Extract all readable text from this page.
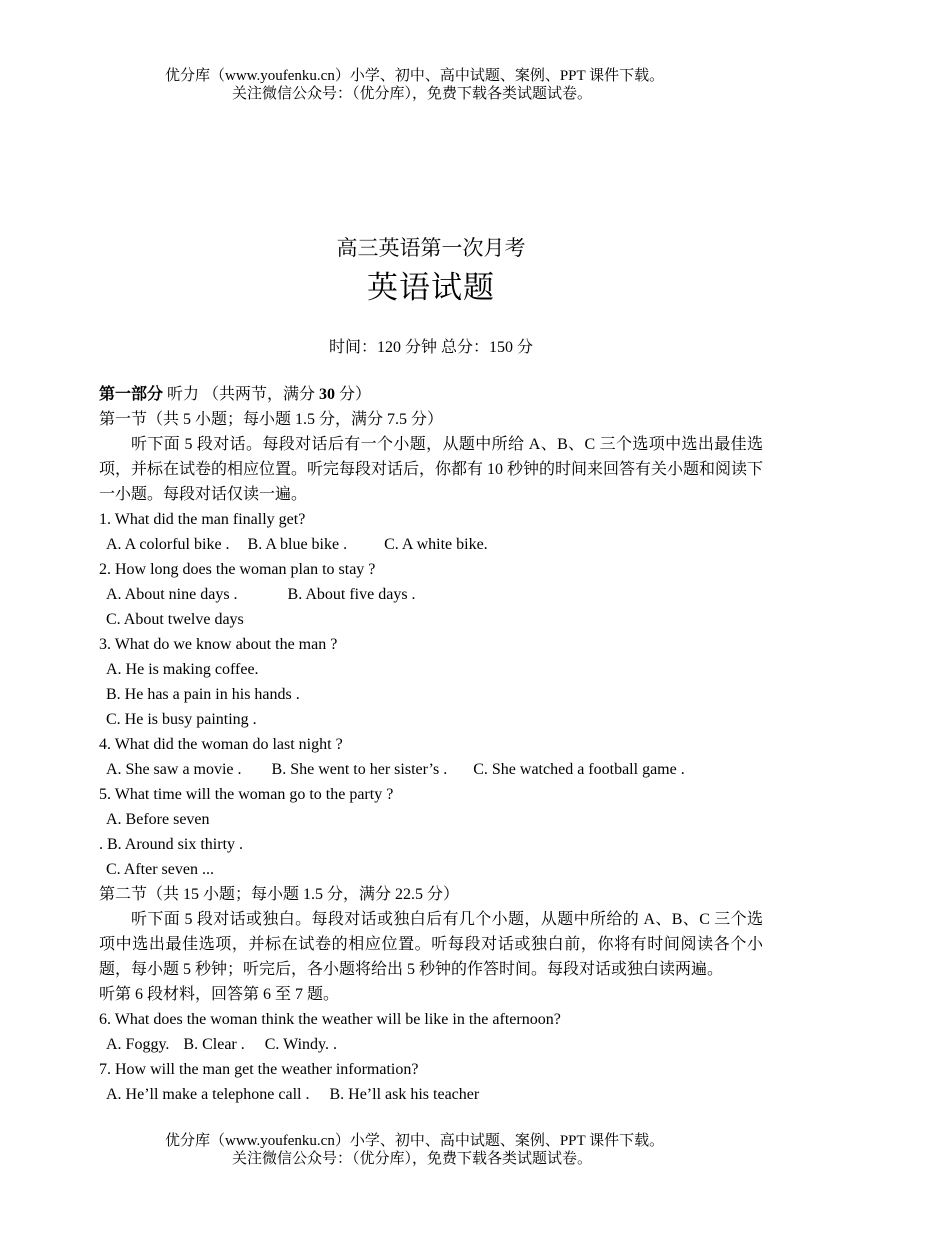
优分库（www.youfenku.cn）小学、初中、高中试题、案例、PPT 课件下载。
关注微信公众号：（优分库），免费下载各类试题试卷。
高三英语第一次月考
英语试题
时间：120 分钟 总分：150 分
第一部分 听力 （共两节，满分 30 分）
第一节（共 5 小题；每小题 1.5 分，满分 7.5 分）
听下面 5 段对话。每段对话后有一个小题，从题中所给 A、B、C 三个选项中选出最佳选项，并标在试卷的相应位置。听完每段对话后，你都有 10 秒钟的时间来回答有关小题和阅读下一小题。每段对话仅读一遍。
1. What did the man finally get?
A. A colorful bike . B. A blue bike . C. A white bike.
2. How long does the woman plan to stay ?
A. About nine days .	B. About five days .
C. About twelve days
3. What do we know about the man ?
A. He is making coffee.
B. He has a pain in his hands .
C. He is busy painting .
4. What did the woman do last night ?
A. She saw a movie . B. She went to her sister’s . C. She watched a football game .
5. What time will the woman go to the party ?
A. Before seven
. B. Around six thirty .
C. After seven ...
第二节（共 15 小题；每小题 1.5 分，满分 22.5 分）
听下面 5 段对话或独白。每段对话或独白后有几个小题，从题中所给的 A、B、C 三个选项中选出最佳选项，并标在试卷的相应位置。听每段对话或独白前，你将有时间阅读各个小题，每小题 5 秒钟；听完后，各小题将给出 5 秒钟的作答时间。每段对话或独白读两遍。
听第 6 段材料，回答第 6 至 7 题。
6. What does the woman think the weather will be like in the afternoon?
A. Foggy. B. Clear . C. Windy. .
7. How will the man get the weather information?
A. He’ll make a telephone call . B. He’ll ask his teacher
优分库（www.youfenku.cn）小学、初中、高中试题、案例、PPT 课件下载。
关注微信公众号：（优分库），免费下载各类试题试卷。
